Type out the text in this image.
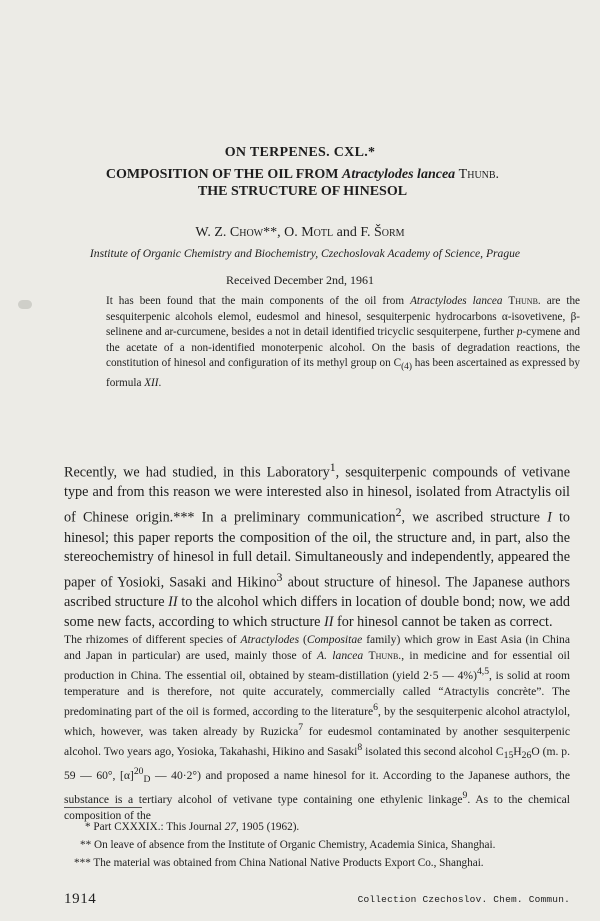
ON TERPENES. CXL.*
COMPOSITION OF THE OIL FROM Atractylodes lancea Thunb.
THE STRUCTURE OF HINESOL
W. Z. Chow**, O. Motl and F. Šorm
Institute of Organic Chemistry and Biochemistry, Czechoslovak Academy of Science, Prague
Received December 2nd, 1961

It has been found that the main components of the oil from Atractylodes lancea Thunb. are the sesquiterpenic alcohols elemol, eudesmol and hinesol, sesquiterpenic hydrocarbons α-isovetivene, β-selinene and ar-curcumene, besides a not in detail identified tricyclic sesquiterpene, further p-cymene and the acetate of a non-identified monoterpenic alcohol. On the basis of degradation reactions, the constitution of hinesol and configuration of its methyl group on $C_{(4)}$ has been ascertained as expressed by formula XII.

Recently, we had studied, in this Laboratory$^1$, sesquiterpenic compounds of vetivane type and from this reason we were interested also in hinesol, isolated from Atractylis oil of Chinese origin.*** In a preliminary communication$^2$, we ascribed structure I to hinesol; this paper reports the composition of the oil, the structure and, in part, also the stereochemistry of hinesol in full detail. Simultaneously and independently, appeared the paper of Yosioki, Sasaki and Hikino$^3$ about structure of hinesol. The Japanese authors ascribed structure II to the alcohol which differs in location of double bond; now, we add some new facts, according to which structure II for hinesol cannot be taken as correct.

The rhizomes of different species of Atractylodes (Compositae family) which grow in East Asia (in China and Japan in particular) are used, mainly those of A. lancea Thunb., in medicine and for essential oil production in China. The essential oil, obtained by steam-distillation (yield 2·5 — 4%)$^{4,5}$, is solid at room temperature and is therefore, not quite accurately, commercially called “Atractylis concrète”. The predominating part of the oil is formed, according to the literature$^6$, by the sesquiterpenic alcohol atractylol, which, however, was taken already by Ruzicka$^7$ for eudesmol contaminated by another sesquiterpenic alcohol. Two years ago, Yosioka, Takahashi, Hikino and Sasaki$^8$ isolated this second alcohol $C_{15}H_{26}O$ (m. p. 59 — 60°, $[\alpha]^{20}_D$ — 40·2°) and proposed a name hinesol for it. According to the Japanese authors, the substance is a tertiary alcohol of vetivane type containing one ethylenic linkage$^9$. As to the chemical composition of the

* Part CXXXIX.: This Journal 27, 1905 (1962).
** On leave of absence from the Institute of Organic Chemistry, Academia Sinica, Shanghai.
*** The material was obtained from China National Native Products Export Co., Shanghai.
1914	Collection Czechoslov. Chem. Commun.
